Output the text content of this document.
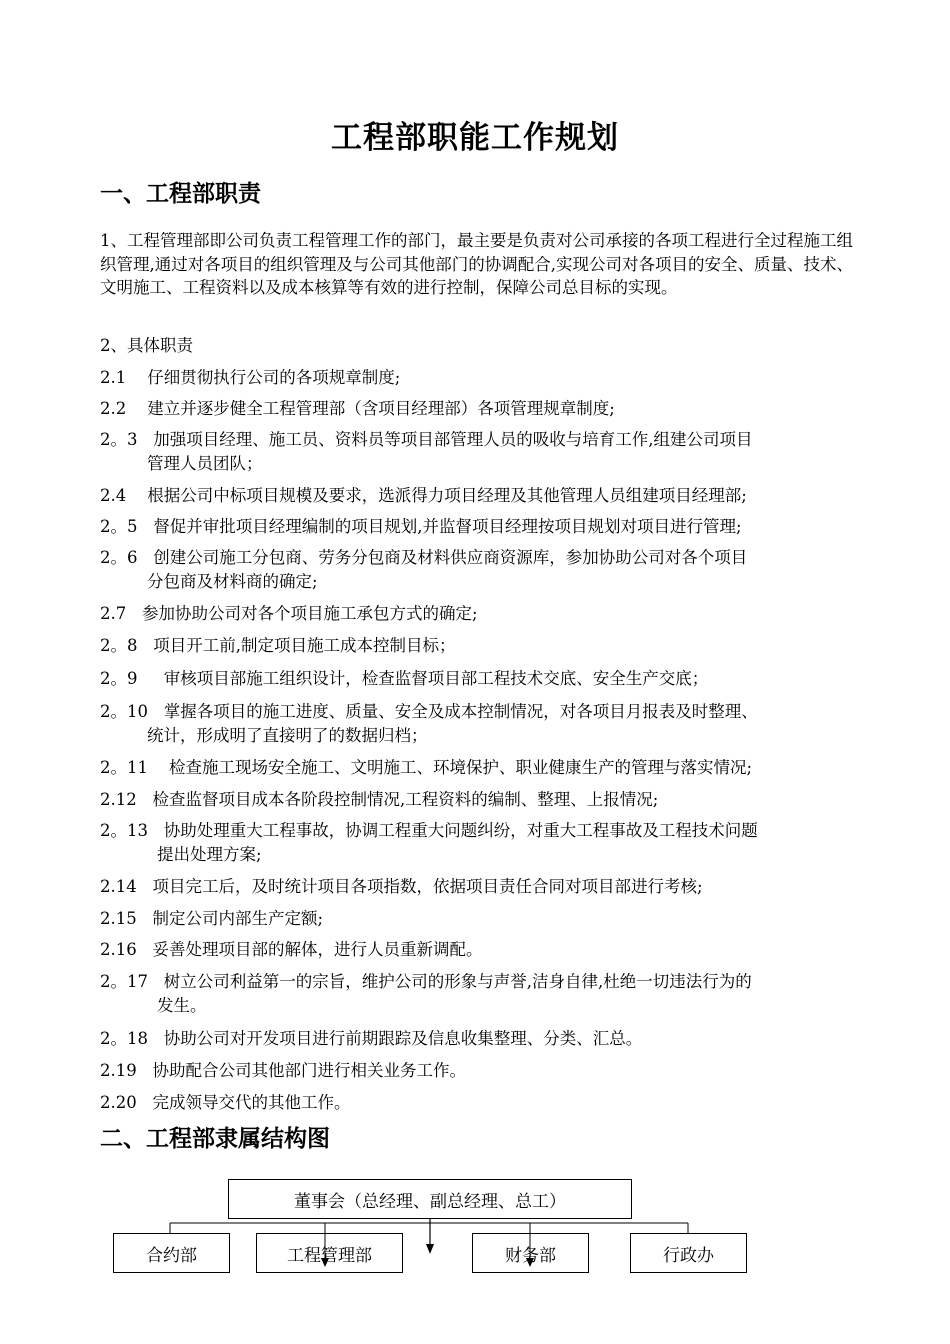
工程部职能工作规划
一、工程部职责
1、工程管理部即公司负责工程管理工作的部门，最主要是负责对公司承接的各项工程进行全过程施工组织管理,通过对各项目的组织管理及与公司其他部门的协调配合,实现公司对各项目的安全、质量、技术、文明施工、工程资料以及成本核算等有效的进行控制，保障公司总目标的实现。
2、具体职责
2.1 仔细贯彻执行公司的各项规章制度;
2.2 建立并逐步健全工程管理部（含项目经理部）各项管理规章制度;
2。3 加强项目经理、施工员、资料员等项目部管理人员的吸收与培育工作,组建公司项目
管理人员团队；
2.4 根据公司中标项目规模及要求，选派得力项目经理及其他管理人员组建项目经理部;
2。5 督促并审批项目经理编制的项目规划,并监督项目经理按项目规划对项目进行管理;
2。6 创建公司施工分包商、劳务分包商及材料供应商资源库，参加协助公司对各个项目
分包商及材料商的确定;
2.7 参加协助公司对各个项目施工承包方式的确定;
2。8 项目开工前,制定项目施工成本控制目标；
2。9 审核项目部施工组织设计，检查监督项目部工程技术交底、安全生产交底；
2。10 掌握各项目的施工进度、质量、安全及成本控制情况，对各项目月报表及时整理、
统计，形成明了直接明了的数据归档；
2。11 检查施工现场安全施工、文明施工、环境保护、职业健康生产的管理与落实情况;
2.12 检查监督项目成本各阶段控制情况,工程资料的编制、整理、上报情况;
2。13 协助处理重大工程事故，协调工程重大问题纠纷，对重大工程事故及工程技术问题
提出处理方案;
2.14 项目完工后，及时统计项目各项指数，依据项目责任合同对项目部进行考核;
2.15 制定公司内部生产定额;
2.16 妥善处理项目部的解体，进行人员重新调配。
2。17 树立公司利益第一的宗旨，维护公司的形象与声誉,洁身自律,杜绝一切违法行为的
发生。
2。18 协助公司对开发项目进行前期跟踪及信息收集整理、分类、汇总。
2.19 协助配合公司其他部门进行相关业务工作。
2.20 完成领导交代的其他工作。
二、工程部隶属结构图
董事会（总经理、副总经理、总工）
合约部	工程管理部	财务部	行政办
